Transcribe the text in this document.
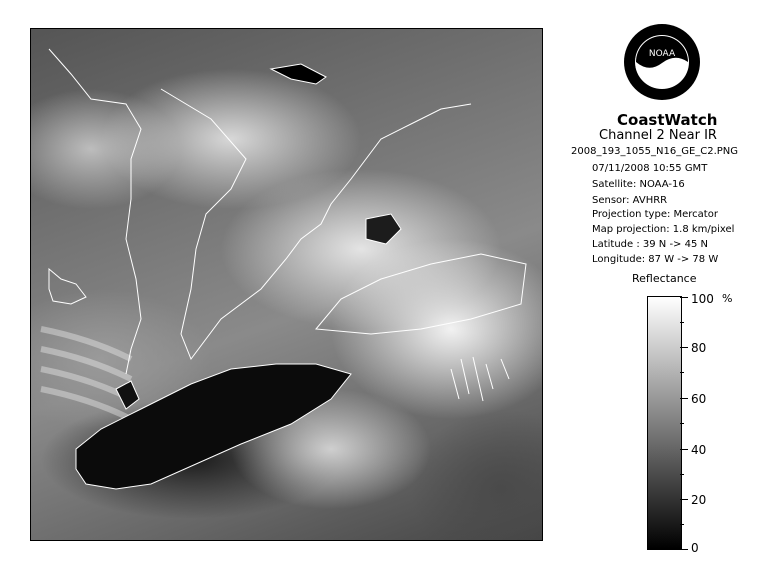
NOAA
CoastWatch
Channel 2 Near IR
2008_193_1055_N16_GE_C2.PNG
07/11/2008 10:55 GMT
Satellite: NOAA-16
Sensor: AVHRR
Projection type: Mercator
Map projection: 1.8 km/pixel
Latitude : 39 N -> 45 N
Longitude: 87 W -> 78 W
Reflectance
%
100
80
60
40
20
0
